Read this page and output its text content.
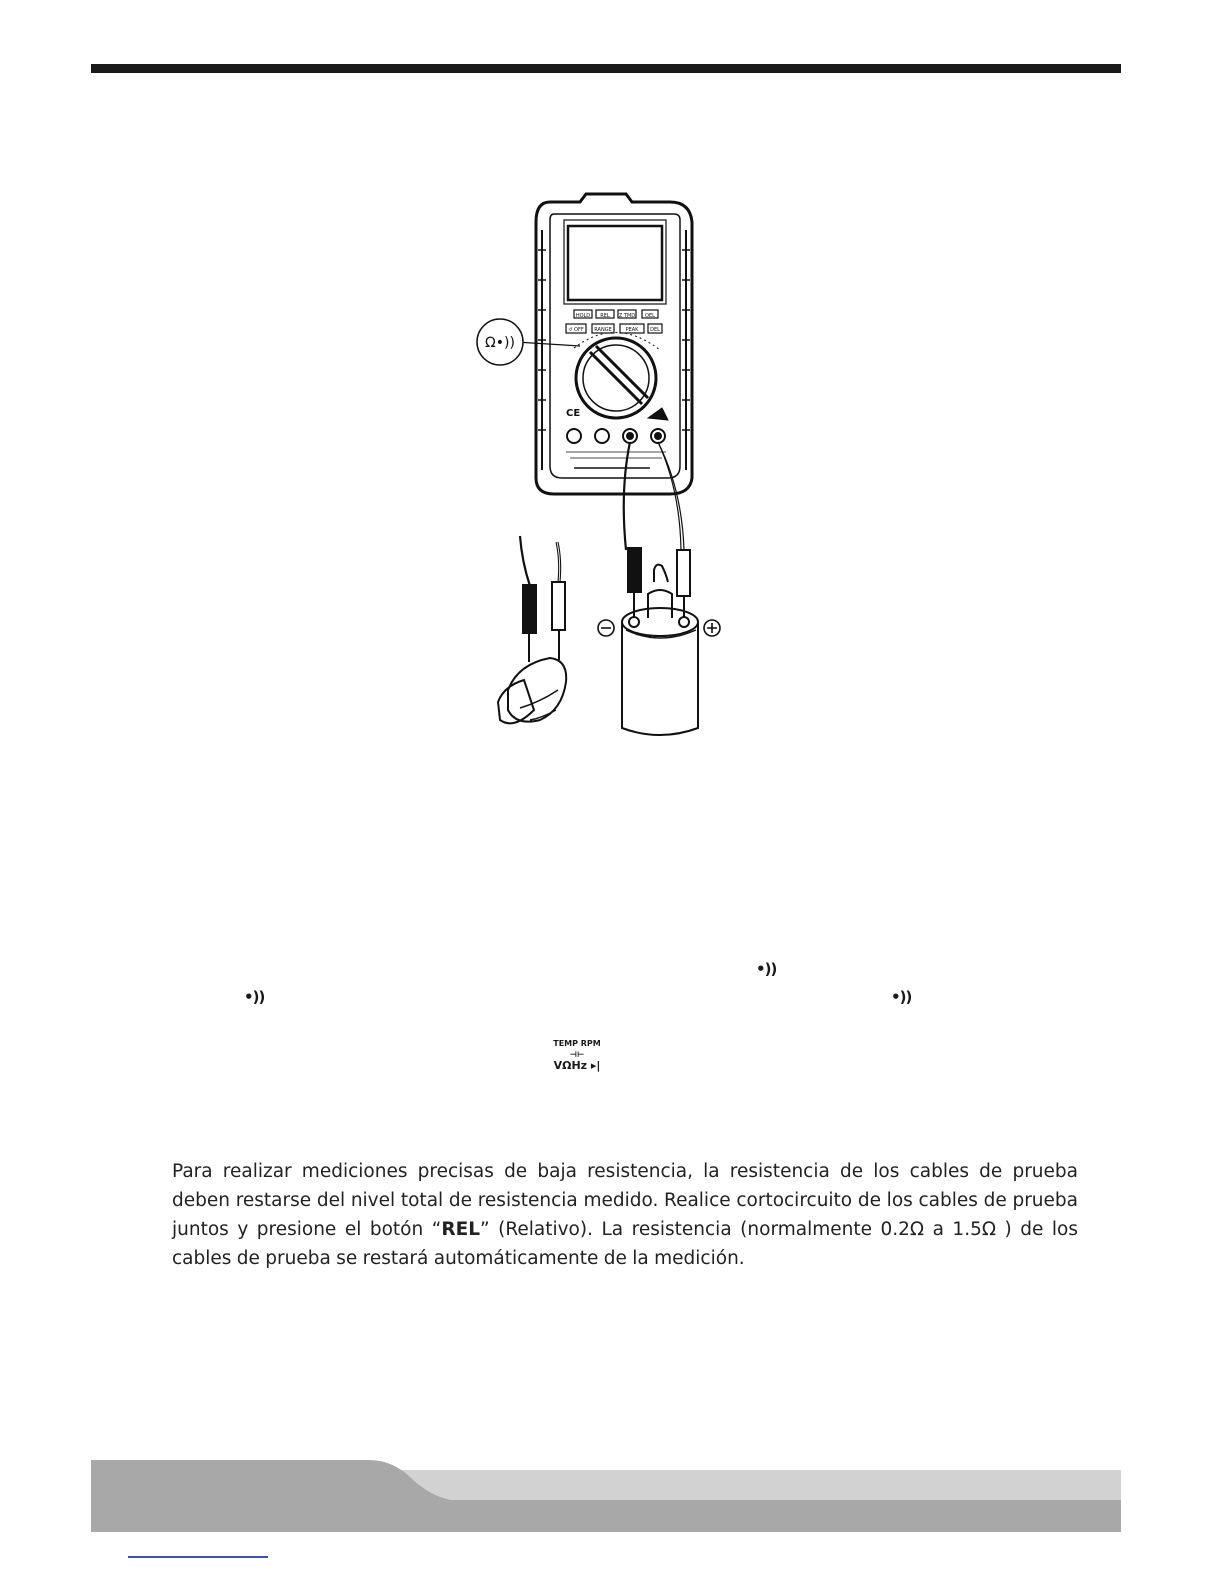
CE
Ω•))
HOLD REL Z TMD OEL
↺ OFF RANGE	PEAK DEL
•))
•))	•))
TEMP RPM ⊣⊢
VΩHz ▸|

Para realizar mediciones precisas de baja resistencia, la resistencia de los cables de prueba deben restarse del nivel total de resistencia medido. Realice cortocircuito de los cables de prueba juntos y presione el botón “REL” (Relativo). La resistencia (normalmente 0.2Ω a 1.5Ω ) de los cables de prueba se restará automáticamente de la medición.
